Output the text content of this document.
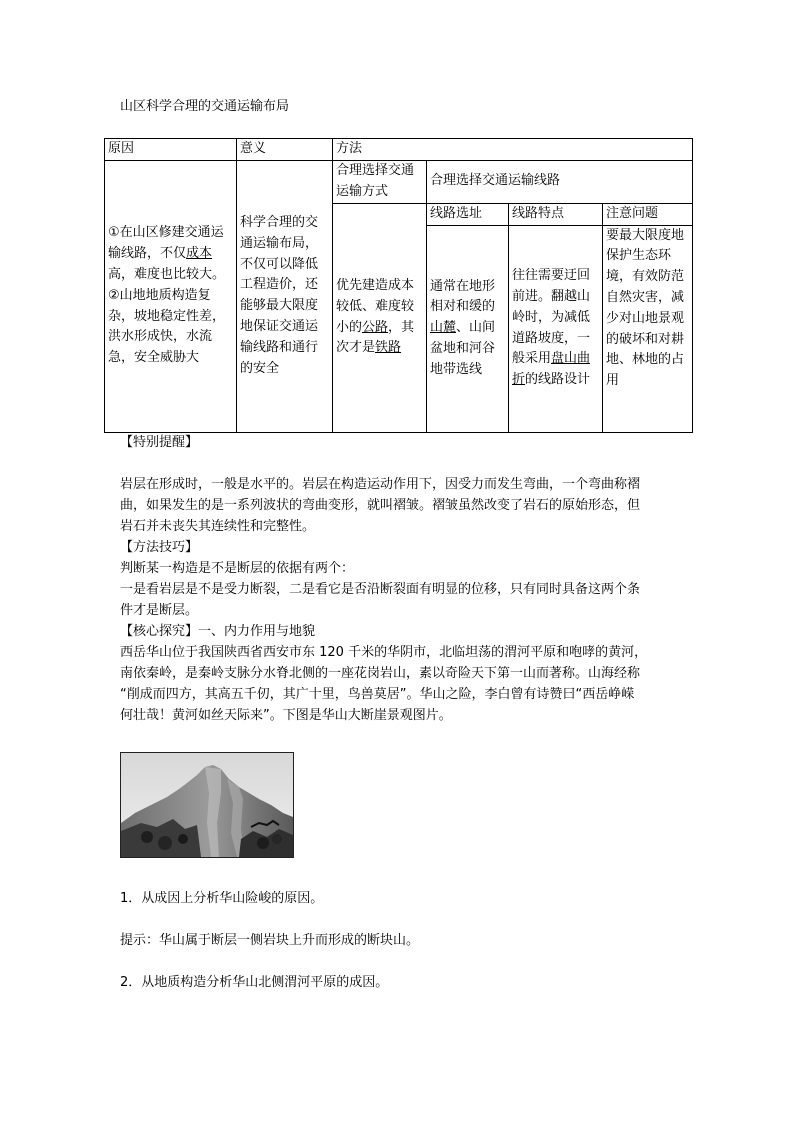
山区科学合理的交通运输布局
原因	意义	方法			
①在山区修建交通运输线路，不仅成本高，难度也比较大。
②山地地质构造复杂，坡地稳定性差，洪水形成快，水流急，安全威胁大	科学合理的交通运输布局，不仅可以降低工程造价，还能够最大限度地保证交通运输线路和通行的安全	合理选择交通运输方式	合理选择交通运输线路		
		优先建造成本较低、难度较小的公路，其次才是铁路	线路选址	线路特点	注意问题
			通常在地形相对和缓的山麓、山间盆地和河谷地带选线	往往需要迂回前进。翻越山岭时，为减低道路坡度，一般采用盘山曲折的线路设计	要最大限度地保护生态环境，有效防范自然灾害，减少对山地景观的破坏和对耕地、林地的占用

【特别提醒】

岩层在形成时，一般是水平的。岩层在构造运动作用下，因受力而发生弯曲，一个弯曲称褶

曲，如果发生的是一系列波状的弯曲变形，就叫褶皱。褶皱虽然改变了岩石的原始形态，但

岩石并未丧失其连续性和完整性。

【方法技巧】

判断某一构造是不是断层的依据有两个：

一是看岩层是不是受力断裂，二是看它是否沿断裂面有明显的位移，只有同时具备这两个条

件才是断层。

【核心探究】一、内力作用与地貌

西岳华山位于我国陕西省西安市东 120 千米的华阴市，北临坦荡的渭河平原和咆哮的黄河，

南依秦岭，是秦岭支脉分水脊北侧的一座花岗岩山，素以奇险天下第一山而著称。山海经称

“削成而四方，其高五千仞，其广十里，鸟兽莫居”。华山之险，李白曾有诗赞曰“西岳峥嵘

何壮哉！黄河如丝天际来”。下图是华山大断崖景观图片。

1．从成因上分析华山险峻的原因。

提示：华山属于断层一侧岩块上升而形成的断块山。

2．从地质构造分析华山北侧渭河平原的成因。
